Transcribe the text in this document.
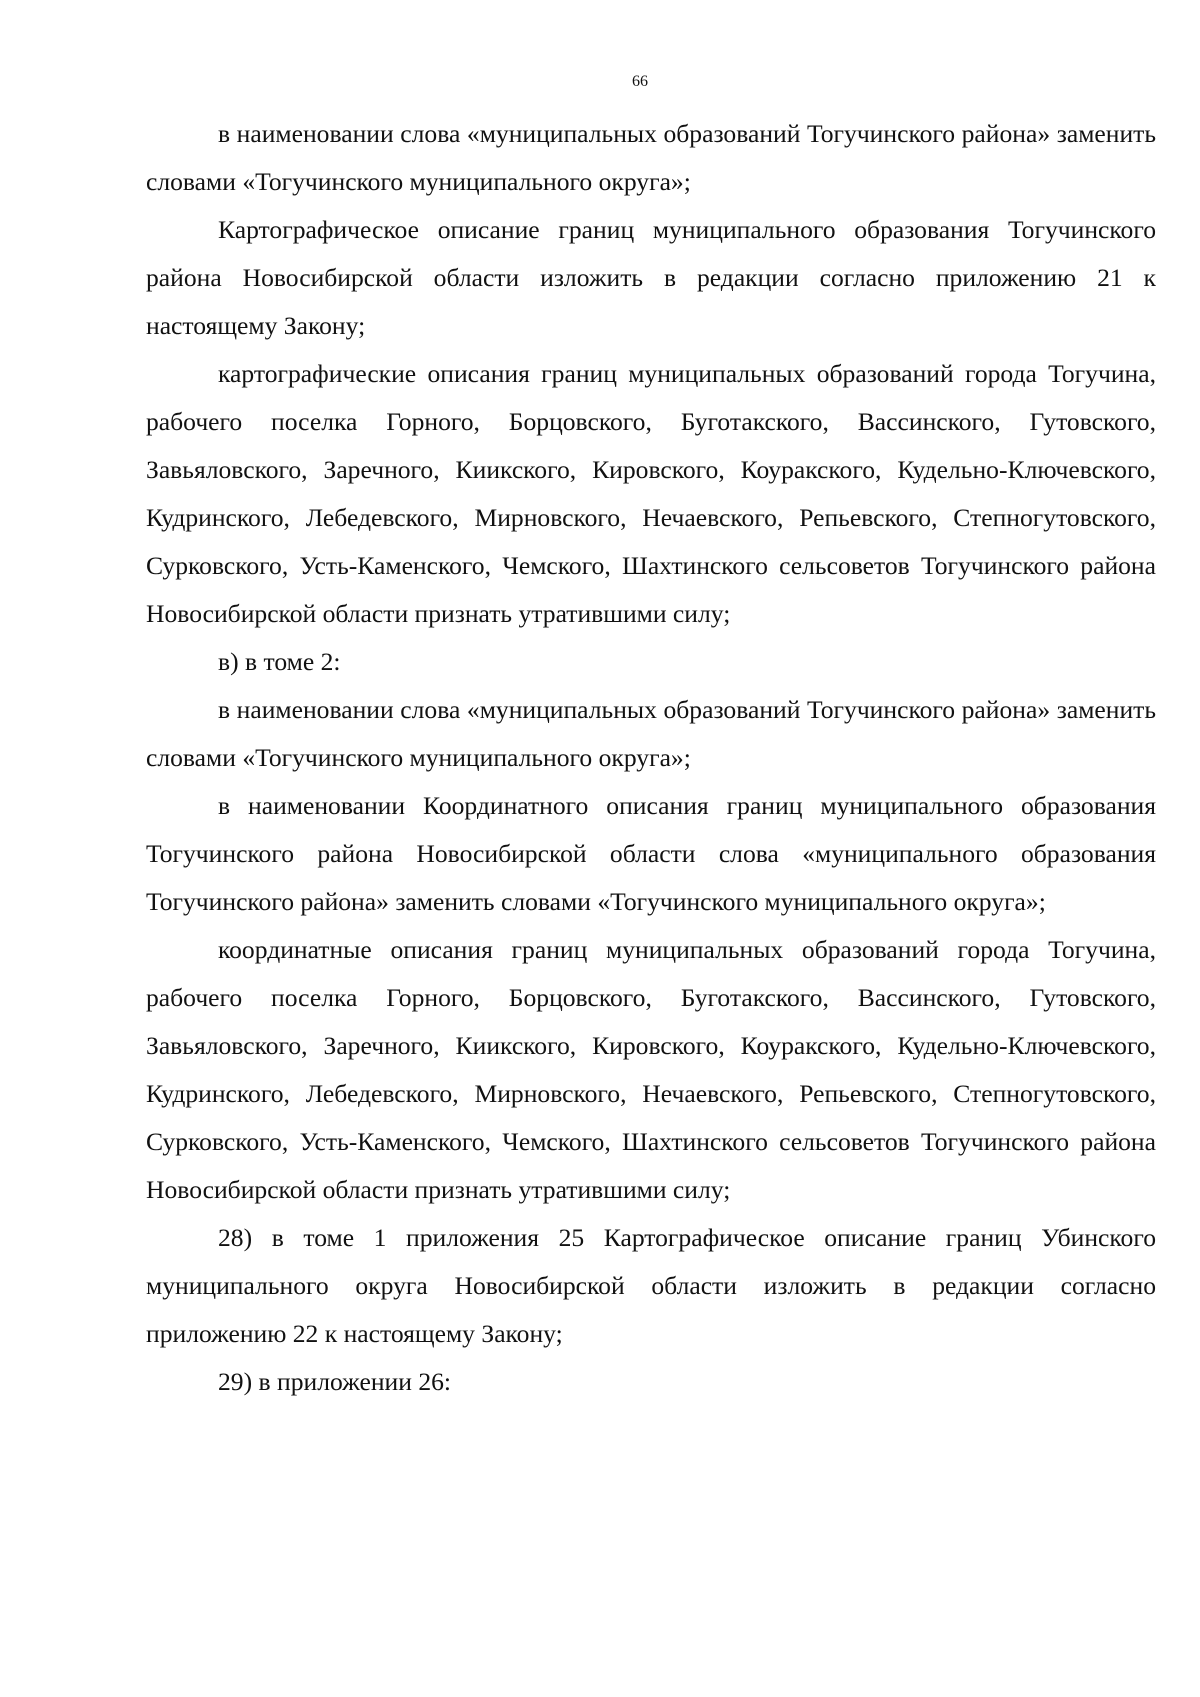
66

в наименовании слова «муниципальных образований Тогучинского района» заменить словами «Тогучинского муниципального округа»;

Картографическое описание границ муниципального образования Тогучинского района Новосибирской области изложить в редакции согласно приложению 21 к настоящему Закону;

картографические описания границ муниципальных образований города Тогучина, рабочего поселка Горного, Борцовского, Буготакского, Вассинского, Гутовского, Завьяловского, Заречного, Киикского, Кировского, Коуракского, Кудельно-Ключевского, Кудринского, Лебедевского, Мирновского, Нечаевского, Репьевского, Степногутовского, Сурковского, Усть-Каменского, Чемского, Шахтинского сельсоветов Тогучинского района Новосибирской области признать утратившими силу;

в) в томе 2:

в наименовании слова «муниципальных образований Тогучинского района» заменить словами «Тогучинского муниципального округа»;

в наименовании Координатного описания границ муниципального образования Тогучинского района Новосибирской области слова «муниципального образования Тогучинского района» заменить словами «Тогучинского муниципального округа»;

координатные описания границ муниципальных образований города Тогучина, рабочего поселка Горного, Борцовского, Буготакского, Вассинского, Гутовского, Завьяловского, Заречного, Киикского, Кировского, Коуракского, Кудельно-Ключевского, Кудринского, Лебедевского, Мирновского, Нечаевского, Репьевского, Степногутовского, Сурковского, Усть-Каменского, Чемского, Шахтинского сельсоветов Тогучинского района Новосибирской области признать утратившими силу;

28) в томе 1 приложения 25 Картографическое описание границ Убинского муниципального округа Новосибирской области изложить в редакции согласно приложению 22 к настоящему Закону;

29) в приложении 26:
